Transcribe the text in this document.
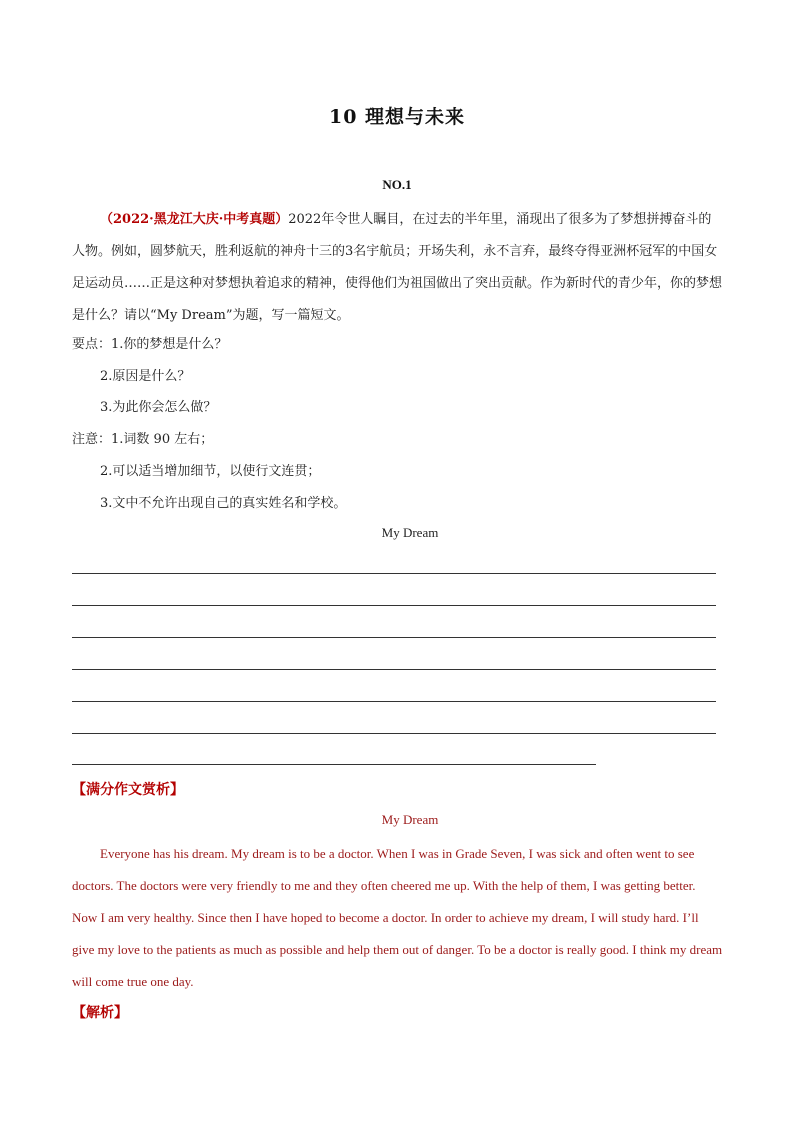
10 理想与未来
NO.1
（2022·黑龙江大庆·中考真题）2022年令世人瞩目，在过去的半年里，涌现出了很多为了梦想拼搏奋斗的人物。例如，圆梦航天，胜利返航的神舟十三的3名宇航员；开场失利，永不言弃，最终夺得亚洲杯冠军的中国女足运动员……正是这种对梦想执着追求的精神，使得他们为祖国做出了突出贡献。作为新时代的青少年，你的梦想是什么？请以“My Dream”为题，写一篇短文。
要点：1.你的梦想是什么？
2.原因是什么？
3.为此你会怎么做？
注意：1.词数 90 左右；
2.可以适当增加细节，以使行文连贯；
3.文中不允许出现自己的真实姓名和学校。
My Dream
【满分作文赏析】
My Dream

Everyone has his dream. My dream is to be a doctor. When I was in Grade Seven, I was sick and often went to see doctors. The doctors were very friendly to me and they often cheered me up. With the help of them, I was getting better. Now I am very healthy. Since then I have hoped to become a doctor. In order to achieve my dream, I will study hard. I’ll give my love to the patients as much as possible and help them out of danger. To be a doctor is really good. I think my dream will come true one day.

【解析】
